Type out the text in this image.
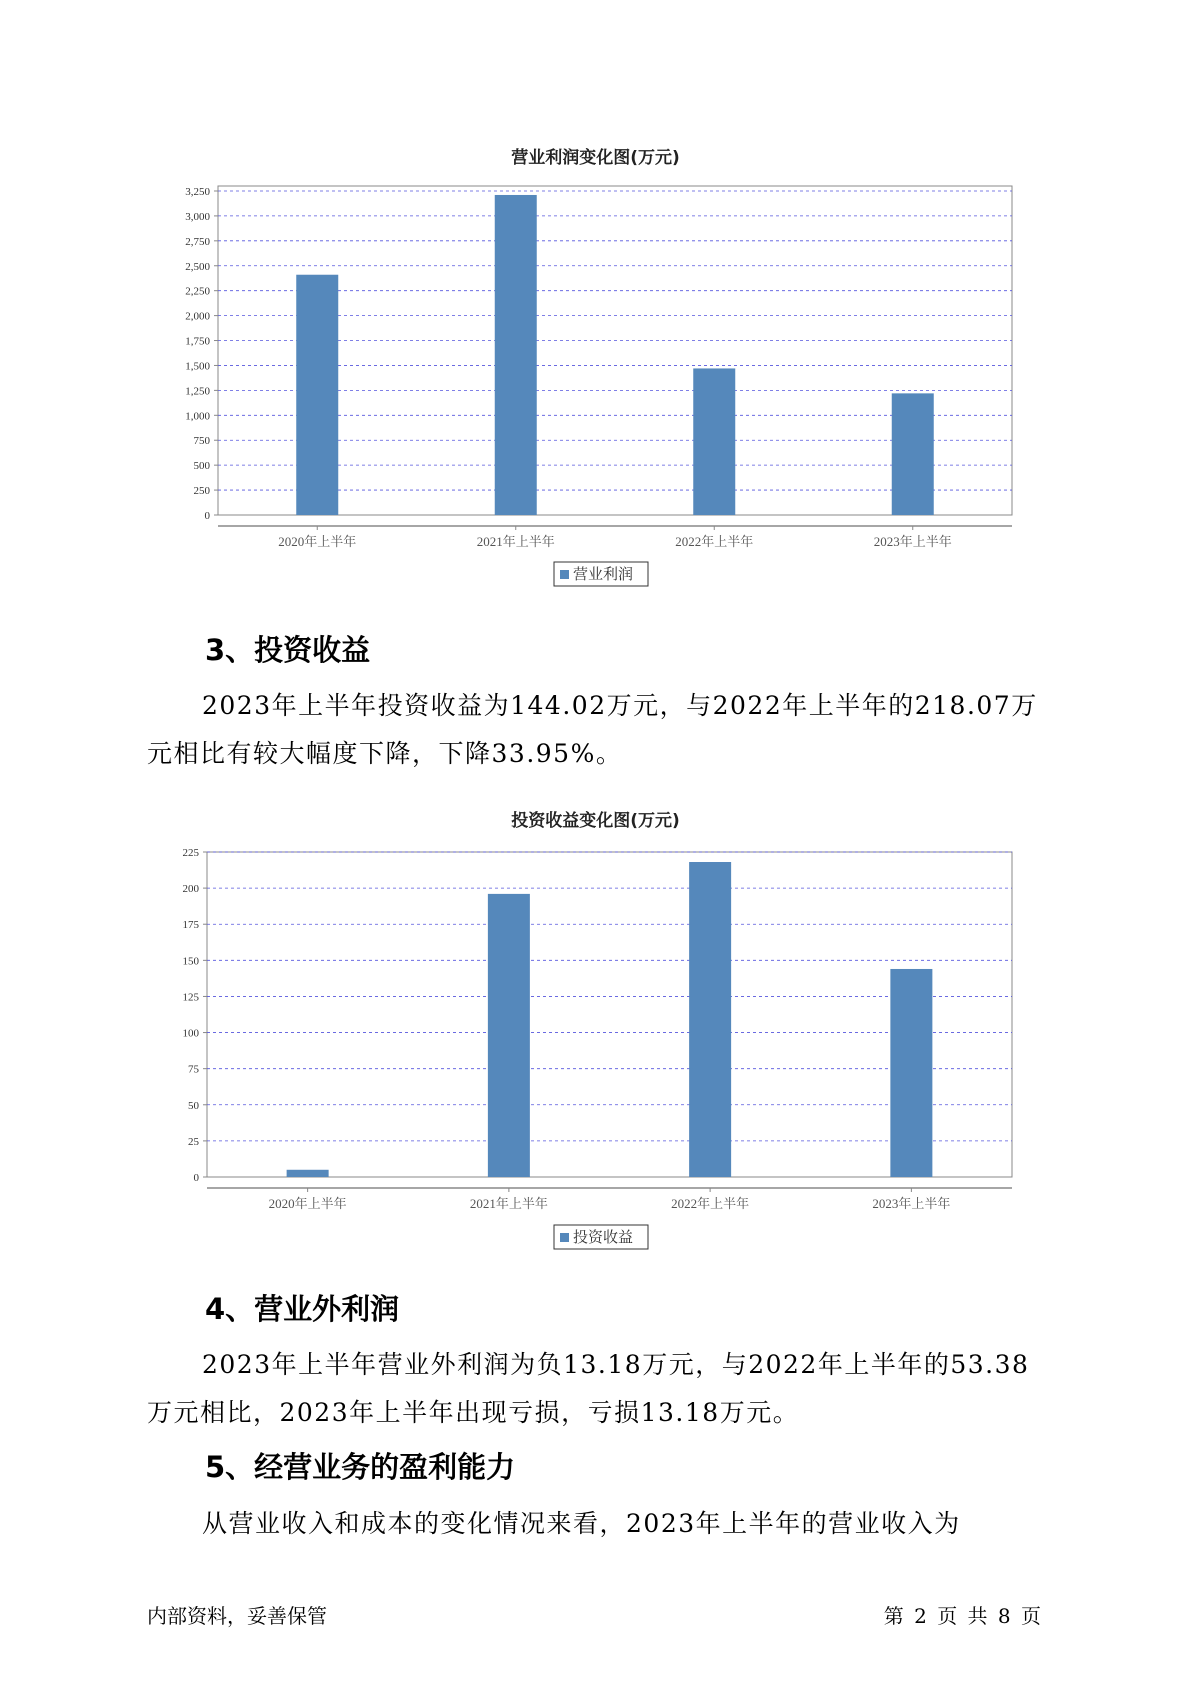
营业利润变化图(万元)
0
250
500
750
1,000
1,250
1,500
1,750
2,000
2,250
2,500
2,750
3,000
3,250
2020年上半年	2021年上半年	2022年上半年	2023年上半年
营业利润
3、投资收益

2023年上半年投资收益为144.02万元，与2022年上半年的218.07万元相比有较大幅度下降，下降33.95%。

投资收益变化图(万元)
0
25
50
75
100
125
150
175
200
225
2020年上半年	2021年上半年	2022年上半年	2023年上半年
投资收益
4、营业外利润

2023年上半年营业外利润为负13.18万元，与2022年上半年的53.38万元相比，2023年上半年出现亏损，亏损13.18万元。

5、经营业务的盈利能力

从营业收入和成本的变化情况来看，2023年上半年的营业收入为

内部资料，妥善保管	第 2 页 共 8 页
